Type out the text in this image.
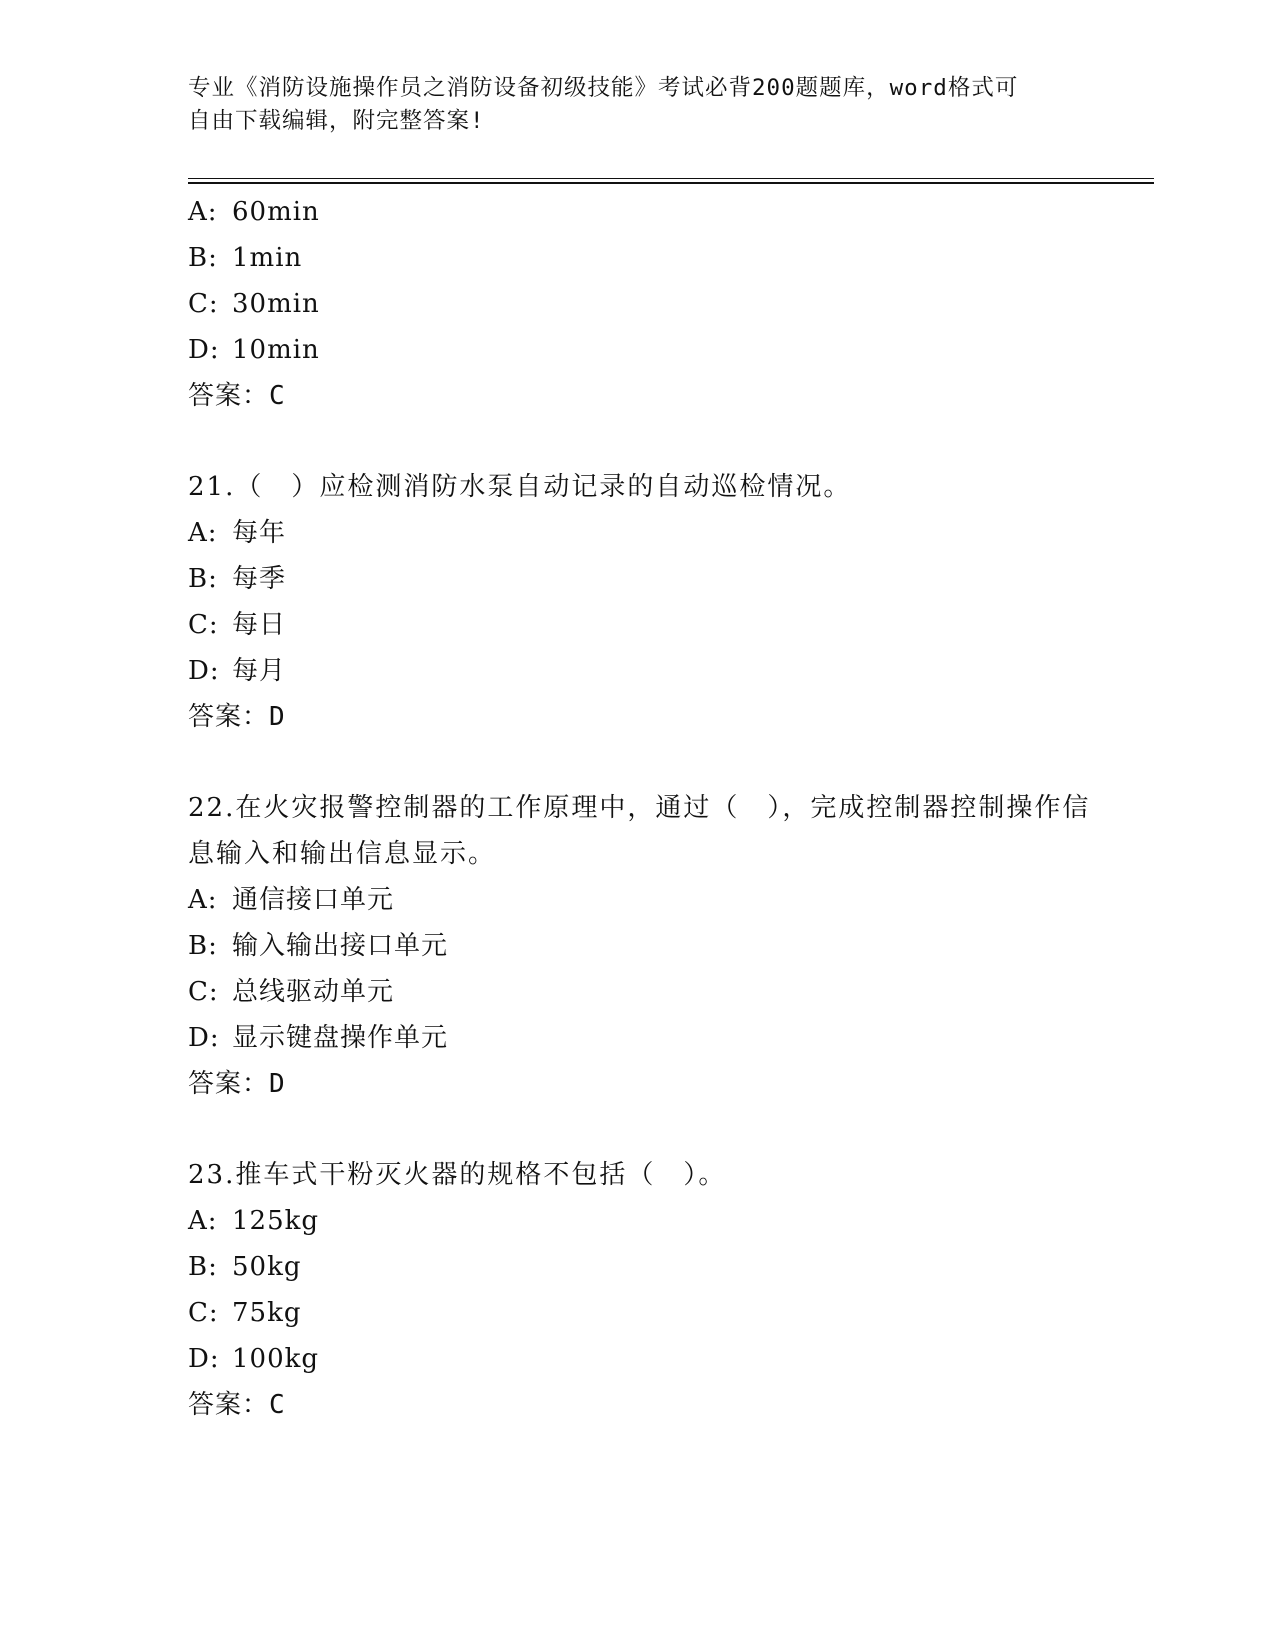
专业《消防设施操作员之消防设备初级技能》考试必背200题题库，word格式可
自由下载编辑，附完整答案!
A: 60min
B: 1min
C: 30min
D: 10min
答案：C
21.（　）应检测消防水泵自动记录的自动巡检情况。
A: 每年
B: 每季
C: 每日
D: 每月
答案：D
22.在火灾报警控制器的工作原理中，通过（　），完成控制器控制操作信息输入和输出信息显示。
A: 通信接口单元
B: 输入输出接口单元
C: 总线驱动单元
D: 显示键盘操作单元
答案：D
23.推车式干粉灭火器的规格不包括（　）。
A: 125kg
B: 50kg
C: 75kg
D: 100kg
答案：C
